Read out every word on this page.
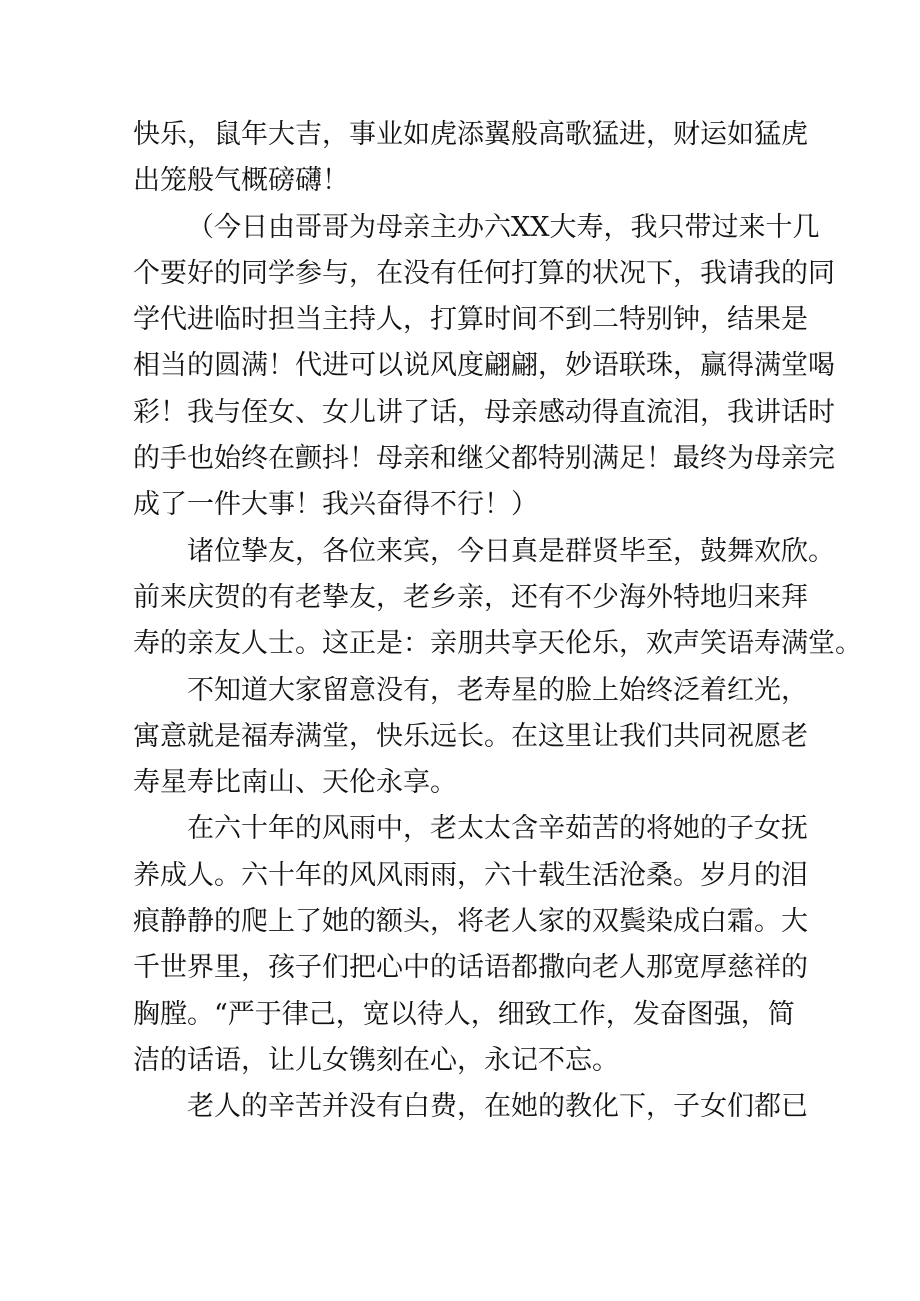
快乐，鼠年大吉，事业如虎添翼般高歌猛进，财运如猛虎
出笼般气概磅礴！
（今日由哥哥为母亲主办六XX大寿，我只带过来十几
个要好的同学参与，在没有任何打算的状况下，我请我的同
学代进临时担当主持人，打算时间不到二特别钟，结果是
相当的圆满！代进可以说风度翩翩，妙语联珠，赢得满堂喝
彩！我与侄女、女儿讲了话，母亲感动得直流泪，我讲话时
的手也始终在颤抖！母亲和继父都特别满足！最终为母亲完
成了一件大事！我兴奋得不行！）
诸位挚友，各位来宾，今日真是群贤毕至，鼓舞欢欣。
前来庆贺的有老挚友，老乡亲，还有不少海外特地归来拜
寿的亲友人士。这正是：亲朋共享天伦乐，欢声笑语寿满堂。
不知道大家留意没有，老寿星的脸上始终泛着红光，
寓意就是福寿满堂，快乐远长。在这里让我们共同祝愿老
寿星寿比南山、天伦永享。
在六十年的风雨中，老太太含辛茹苦的将她的子女抚
养成人。六十年的风风雨雨，六十载生活沧桑。岁月的泪
痕静静的爬上了她的额头，将老人家的双鬓染成白霜。大
千世界里，孩子们把心中的话语都撒向老人那宽厚慈祥的
胸膛。“严于律己，宽以待人，细致工作，发奋图强，简
洁的话语，让儿女镌刻在心，永记不忘。
老人的辛苦并没有白费，在她的教化下，子女们都已
